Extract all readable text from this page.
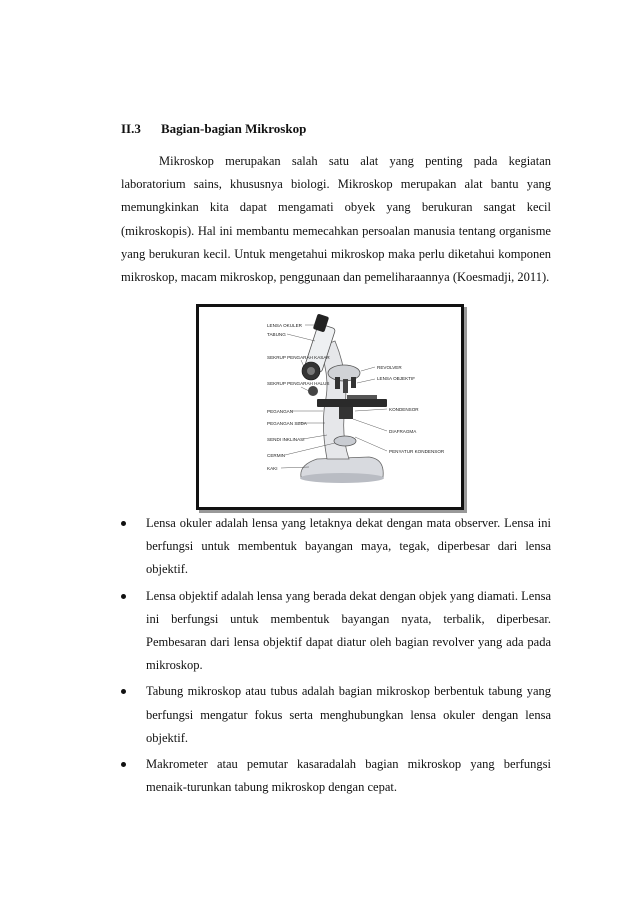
II.3 Bagian-bagian Mikroskop
Mikroskop merupakan salah satu alat yang penting pada kegiatan laboratorium sains, khususnya biologi. Mikroskop merupakan alat bantu yang memungkinkan kita dapat mengamati obyek yang berukuran sangat kecil (mikroskopis). Hal ini membantu memecahkan persoalan manusia tentang organisme yang berukuran kecil. Untuk mengetahui mikroskop maka perlu diketahui komponen mikroskop, macam mikroskop, penggunaan dan pemeliharaannya (Koesmadji, 2011).
LENSA OKULER
TABUNG
SEKRUP PENGARAH KASAR
SEKRUP PENGARAH HALUS
PEGANGAN
PEGANGAN SEDA
SENDI INKLINASI
CERMIN
KAKI
REVOLVER
LENSA OBJEKTIF
KONDENSOR
DIAFRAGMA
PENYATUR KONDENSOR
Lensa okuler adalah lensa yang letaknya dekat dengan mata observer. Lensa ini berfungsi untuk membentuk bayangan maya, tegak, diperbesar dari lensa objektif.
Lensa objektif adalah lensa yang berada dekat dengan objek yang diamati. Lensa ini berfungsi untuk membentuk bayangan nyata, terbalik, diperbesar. Pembesaran dari lensa objektif dapat diatur oleh bagian revolver yang ada pada mikroskop.
Tabung mikroskop atau tubus adalah bagian mikroskop berbentuk tabung yang berfungsi mengatur fokus serta menghubungkan lensa okuler dengan lensa objektif.
Makrometer atau pemutar kasaradalah bagian mikroskop yang berfungsi menaik-turunkan tabung mikroskop dengan cepat.
